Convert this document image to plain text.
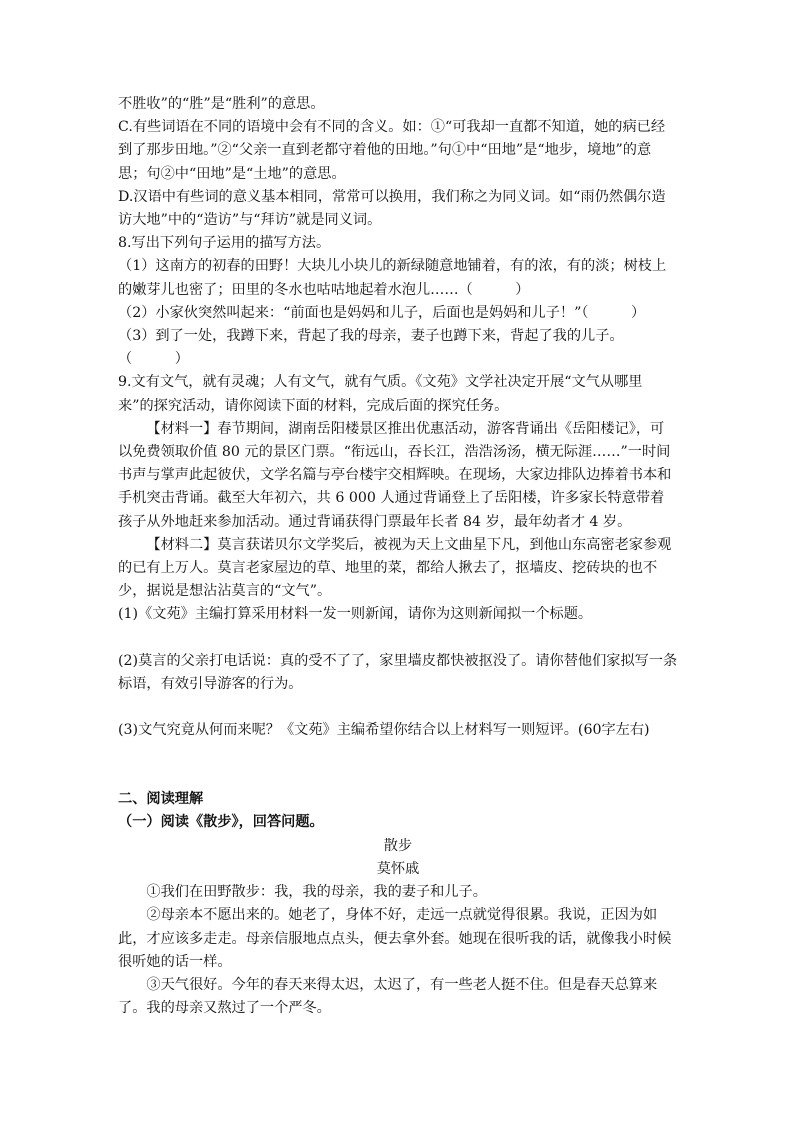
不胜收”的“胜”是“胜利”的意思。

C.有些词语在不同的语境中会有不同的含义。如：①“可我却一直都不知道，她的病已经到了那步田地。”②“父亲一直到老都守着他的田地。”句①中“田地”是“地步，境地”的意思；句②中“田地”是“土地”的意思。

D.汉语中有些词的意义基本相同，常常可以换用，我们称之为同义词。如“雨仍然偶尔造访大地”中的“造访”与“拜访”就是同义词。

8.写出下列句子运用的描写方法。

（1）这南方的初春的田野！大块儿小块儿的新绿随意地铺着，有的浓，有的淡；树枝上的嫩芽儿也密了；田里的冬水也咕咕地起着水泡儿……（　　　）

（2）小家伙突然叫起来：“前面也是妈妈和儿子，后面也是妈妈和儿子！”（　　　）

（3）到了一处，我蹲下来，背起了我的母亲，妻子也蹲下来，背起了我的儿子。（　　　）

9.文有文气，就有灵魂；人有文气，就有气质。《文苑》文学社决定开展“文气从哪里来”的探究活动，请你阅读下面的材料，完成后面的探究任务。

【材料一】春节期间，湖南岳阳楼景区推出优惠活动，游客背诵出《岳阳楼记》，可以免费领取价值 80 元的景区门票。“衔远山，吞长江，浩浩汤汤，横无际涯……”一时间书声与掌声此起彼伏，文学名篇与亭台楼宇交相辉映。在现场，大家边排队边捧着书本和手机突击背诵。截至大年初六，共 6 000 人通过背诵登上了岳阳楼，许多家长特意带着孩子从外地赶来参加活动。通过背诵获得门票最年长者 84 岁，最年幼者才 4 岁。

【材料二】莫言获诺贝尔文学奖后，被视为天上文曲星下凡，到他山东高密老家参观的已有上万人。莫言老家屋边的草、地里的菜，都给人揪去了，抠墙皮、挖砖块的也不少，据说是想沾沾莫言的“文气”。

(1)《文苑》主编打算采用材料一发一则新闻，请你为这则新闻拟一个标题。

(2)莫言的父亲打电话说：真的受不了了，家里墙皮都快被抠没了。请你替他们家拟写一条标语，有效引导游客的行为。

(3)文气究竟从何而来呢？《文苑》主编希望你结合以上材料写一则短评。(60字左右)

二、阅读理解

（一）阅读《散步》，回答问题。

散步

莫怀戚

①我们在田野散步：我，我的母亲，我的妻子和儿子。

②母亲本不愿出来的。她老了，身体不好，走远一点就觉得很累。我说，正因为如此，才应该多走走。母亲信服地点点头，便去拿外套。她现在很听我的话，就像我小时候很听她的话一样。

③天气很好。今年的春天来得太迟，太迟了，有一些老人挺不住。但是春天总算来了。我的母亲又熬过了一个严冬。
